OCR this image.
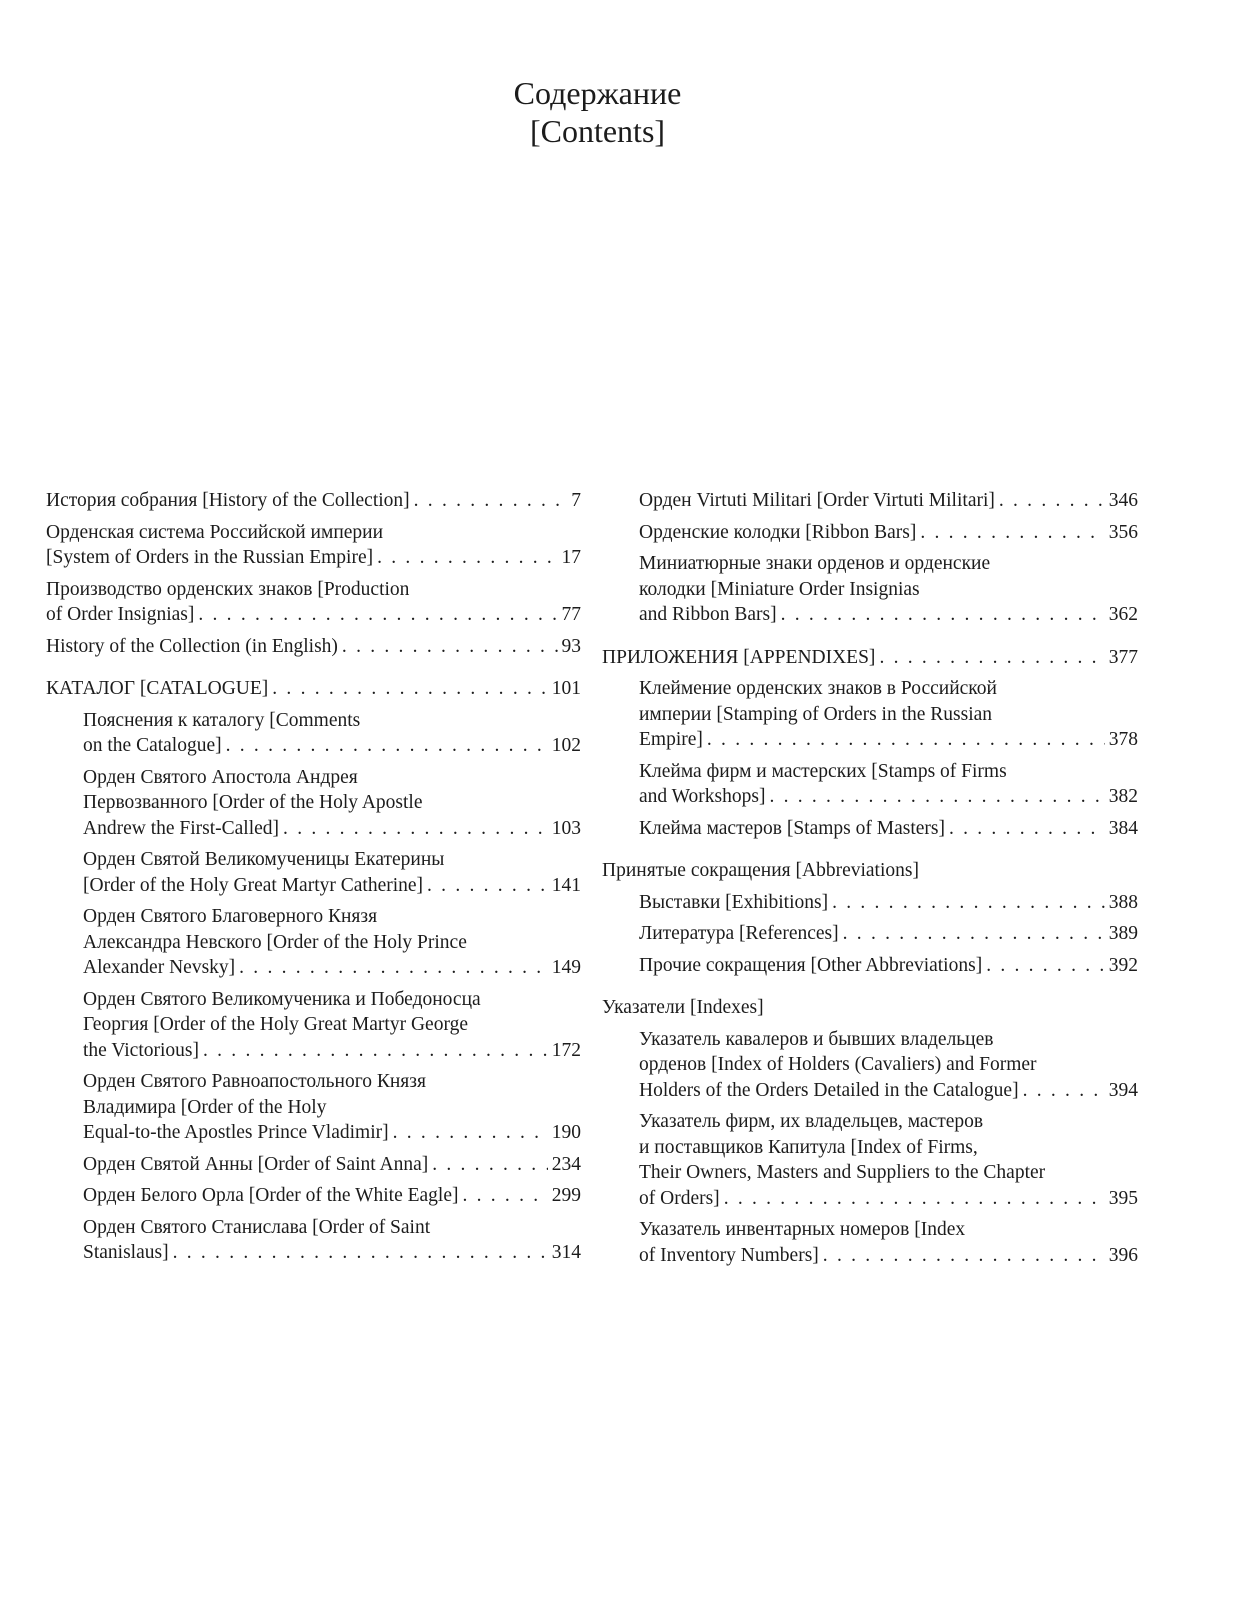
Содержание
[Contents]
История собрания [History of the Collection] . . .	7
Орденская система Российской империи
[System of Orders in the Russian Empire] . . .	17
Производство орденских знаков [Production
of Order Insignias] . . .	77
History of the Collection (in English) . . .	93
КАТАЛОГ [CATALOGUE] . . .	101
Пояснения к каталогу [Comments
on the Catalogue] . . .	102
Орден Святого Апостола Андрея
Первозванного [Order of the Holy Apostle
Andrew the First-Called] . . .	103
Орден Святой Великомученицы Екатерины
[Order of the Holy Great Martyr Catherine] . . .	141
Орден Святого Благоверного Князя
Александра Невского [Order of the Holy Prince
Alexander Nevsky] . . .	149
Орден Святого Великомученика и Победоносца
Георгия [Order of the Holy Great Martyr George
the Victorious] . . .	172
Орден Святого Равноапостольного Князя
Владимира [Order of the Holy
Equal-to-the Apostles Prince Vladimir] . . .	190
Орден Святой Анны [Order of Saint Anna] . . .	234
Орден Белого Орла [Order of the White Eagle] . . .	299
Орден Святого Станислава [Order of Saint
Stanislaus] . . .	314
Орден Virtuti Militari [Order Virtuti Militari] . . .	346
Орденские колодки [Ribbon Bars] . . .	356
Миниатюрные знаки орденов и орденские
колодки [Miniature Order Insignias
and Ribbon Bars] . . .	362
ПРИЛОЖЕНИЯ [APPENDIXES] . . .	377
Клеймение орденских знаков в Российской
империи [Stamping of Orders in the Russian
Empire] . . .	378
Клейма фирм и мастерских [Stamps of Firms
and Workshops] . . .	382
Клейма мастеров [Stamps of Masters] . . .	384
Принятые сокращения [Abbreviations]
Выставки [Exhibitions] . . .	388
Литература [References] . . .	389
Прочие сокращения [Other Abbreviations] . . .	392
Указатели [Indexes]
Указатель кавалеров и бывших владельцев
орденов [Index of Holders (Cavaliers) and Former
Holders of the Orders Detailed in the Catalogue] . . .	394
Указатель фирм, их владельцев, мастеров
и поставщиков Капитула [Index of Firms,
Their Owners, Masters and Suppliers to the Chapter
of Orders] . . .	395
Указатель инвентарных номеров [Index
of Inventory Numbers] . . .	396
